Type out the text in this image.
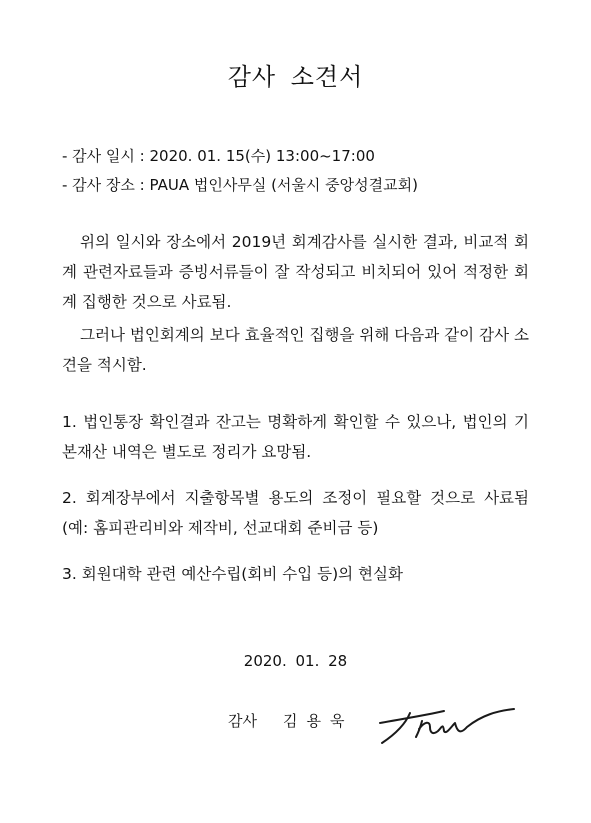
감사 소견서
- 감사 일시 : 2020. 01. 15(수) 13:00~17:00
- 감사 장소 : PAUA 법인사무실 (서울시 중앙성결교회)
위의 일시와 장소에서 2019년 회계감사를 실시한 결과, 비교적 회계 관련자료들과 증빙서류들이 잘 작성되고 비치되어 있어 적정한 회계 집행한 것으로 사료됨.
그러나 법인회계의 보다 효율적인 집행을 위해 다음과 같이 감사 소견을 적시함.
1. 법인통장 확인결과 잔고는 명확하게 확인할 수 있으나, 법인의 기본재산 내역은 별도로 정리가 요망됨.
2. 회계장부에서 지출항목별 용도의 조정이 필요할 것으로 사료됨 (예: 홈피관리비와 제작비, 선교대회 준비금 등)
3. 회원대학 관련 예산수립(회비 수입 등)의 현실화
2020. 01. 28
감사 김용욱
